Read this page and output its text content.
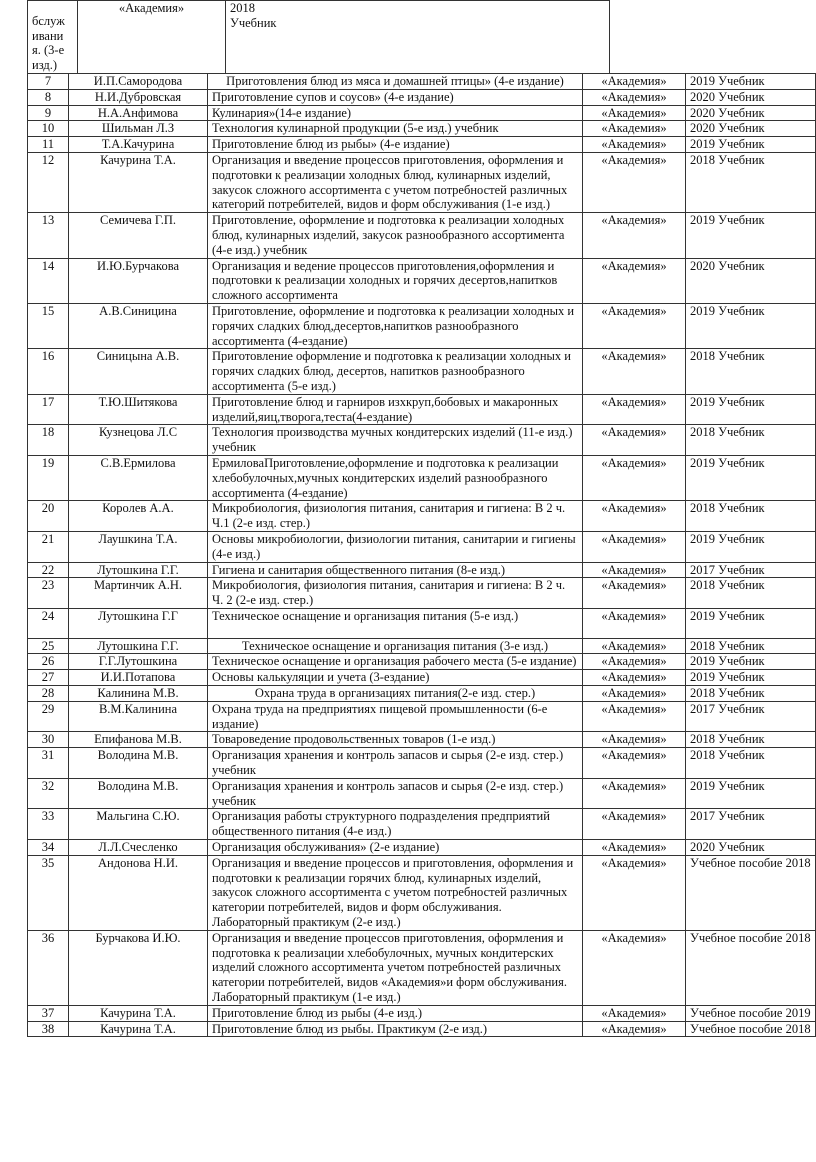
бслуж ивани я. (3-е изд.)	«Академия»	2018
Учебник
7	И.П.Самородова	Приготовления блюд из мяса и домашней птицы» (4-е издание)	«Академия»	2019 Учебник
8	Н.И.Дубровская	Приготовление супов и соусов» (4-е издание)	«Академия»	2020 Учебник
9	Н.А.Анфимова	Кулинария»(14-е издание)	«Академия»	2020 Учебник
10	Шильман Л.З	Технология кулинарной продукции (5-е изд.) учебник	«Академия»	2020 Учебник
11	Т.А.Качурина	Приготовление блюд из рыбы» (4-е издание)	«Академия»	2019 Учебник
12	Качурина Т.А.	Организация и введение процессов приготовления, оформления и подготовки к реализации холодных блюд, кулинарных изделий, закусок сложного ассортимента с учетом потребностей различных категорий потребителей, видов и форм обслуживания (1-е изд.)	«Академия»	2018 Учебник
13	Семичева Г.П.	Приготовление, оформление и подготовка к реализации холодных блюд, кулинарных изделий, закусок разнообразного ассортимента (4-е изд.) учебник	«Академия»	2019 Учебник
14	И.Ю.Бурчакова	Организация и ведение процессов приготовления,оформления и подготовки к реализации холодных и горячих десертов,напитков сложного ассортимента	«Академия»	2020 Учебник
15	А.В.Синицина	Приготовление, оформление и подготовка к реализации холодных и горячих сладких блюд,десертов,напитков разнообразного ассортимента (4-ездание)	«Академия»	2019 Учебник
16	Синицына А.В.	Приготовление оформление и подготовка к реализации холодных и горячих сладких блюд, десертов, напитков разнообразного ассортимента (5-е изд.)	«Академия»	2018 Учебник
17	Т.Ю.Шитякова	Приготовление блюд и гарниров изхкруп,бобовых и макаронных изделий,яиц,творога,теста(4-ездание)	«Академия»	2019 Учебник
18	Кузнецова Л.С	Технология производства мучных кондитерских изделий (11-е изд.) учебник	«Академия»	2018 Учебник
19	С.В.Ермилова	ЕрмиловаПриготовление,оформление и подготовка к реализации хлебобулочных,мучных кондитерских изделий разнообразного ассортимента (4-ездание)	«Академия»	2019 Учебник
20	Королев А.А.	Микробиология, физиология питания, санитария и гигиена: В 2 ч. Ч.1 (2-е изд. стер.)	«Академия»	2018 Учебник
21	Лаушкина Т.А.	Основы микробиологии, физиологии питания, санитарии и гигиены (4-е изд.)	«Академия»	2019 Учебник
22	Лутошкина Г.Г.	Гигиена и санитария общественного питания (8-е изд.)	«Академия»	2017 Учебник
23	Мартинчик А.Н.	Микробиология, физиология питания, санитария и гигиена: В 2 ч. Ч. 2 (2-е изд. стер.)	«Академия»	2018 Учебник
24	Лутошкина Г.Г	Техническое оснащение и организация питания (5-е изд.)	«Академия»	2019 Учебник
25	Лутошкина Г.Г.	Техническое оснащение и организация питания (3-е изд.)	«Академия»	2018 Учебник
26	Г.Г.Лутошкина	Техническое оснащение и организация рабочего места (5-е издание)	«Академия»	2019 Учебник
27	И.И.Потапова	Основы калькуляции и учета (3-ездание)	«Академия»	2019 Учебник
28	Калинина М.В.	Охрана труда в организациях питания(2-е изд. стер.)	«Академия»	2018 Учебник
29	В.М.Калинина	Охрана труда на предприятиях пищевой промышленности (6-е издание)	«Академия»	2017 Учебник
30	Епифанова М.В.	Товароведение продовольственных товаров (1-е изд.)	«Академия»	2018 Учебник
31	Володина М.В.	Организация хранения и контроль запасов и сырья (2-е изд. стер.) учебник	«Академия»	2018 Учебник
32	Володина М.В.	Организация хранения и контроль запасов и сырья (2-е изд. стер.) учебник	«Академия»	2019 Учебник
33	Мальгина С.Ю.	Организация работы структурного подразделения предприятий общественного питания (4-е изд.)	«Академия»	2017 Учебник
34	Л.Л.Счесленко	Организация обслуживания» (2-е издание)	«Академия»	2020 Учебник
35	Андонова Н.И.	Организация и введение процессов и приготовления, оформления и подготовки к реализации горячих блюд, кулинарных изделий, закусок сложного ассортимента с учетом потребностей различных категории потребителей, видов и форм обслуживания. Лабораторный практикум (2-е изд.)	«Академия»	Учебное пособие 2018
36	Бурчакова И.Ю.	Организация и введение процессов приготовления, оформления и подготовка к реализации хлебобулочных, мучных кондитерских изделий сложного ассортимента учетом потребностей различных категории потребителей, видов «Академия»и форм обслуживания. Лабораторный практикум (1-е изд.)	«Академия»	Учебное пособие 2018
37	Качурина Т.А.	Приготовление блюд из рыбы (4-е изд.)	«Академия»	Учебное пособие 2019
38	Качурина Т.А.	Приготовление блюд из рыбы. Практикум (2-е изд.)	«Академия»	Учебное пособие 2018
